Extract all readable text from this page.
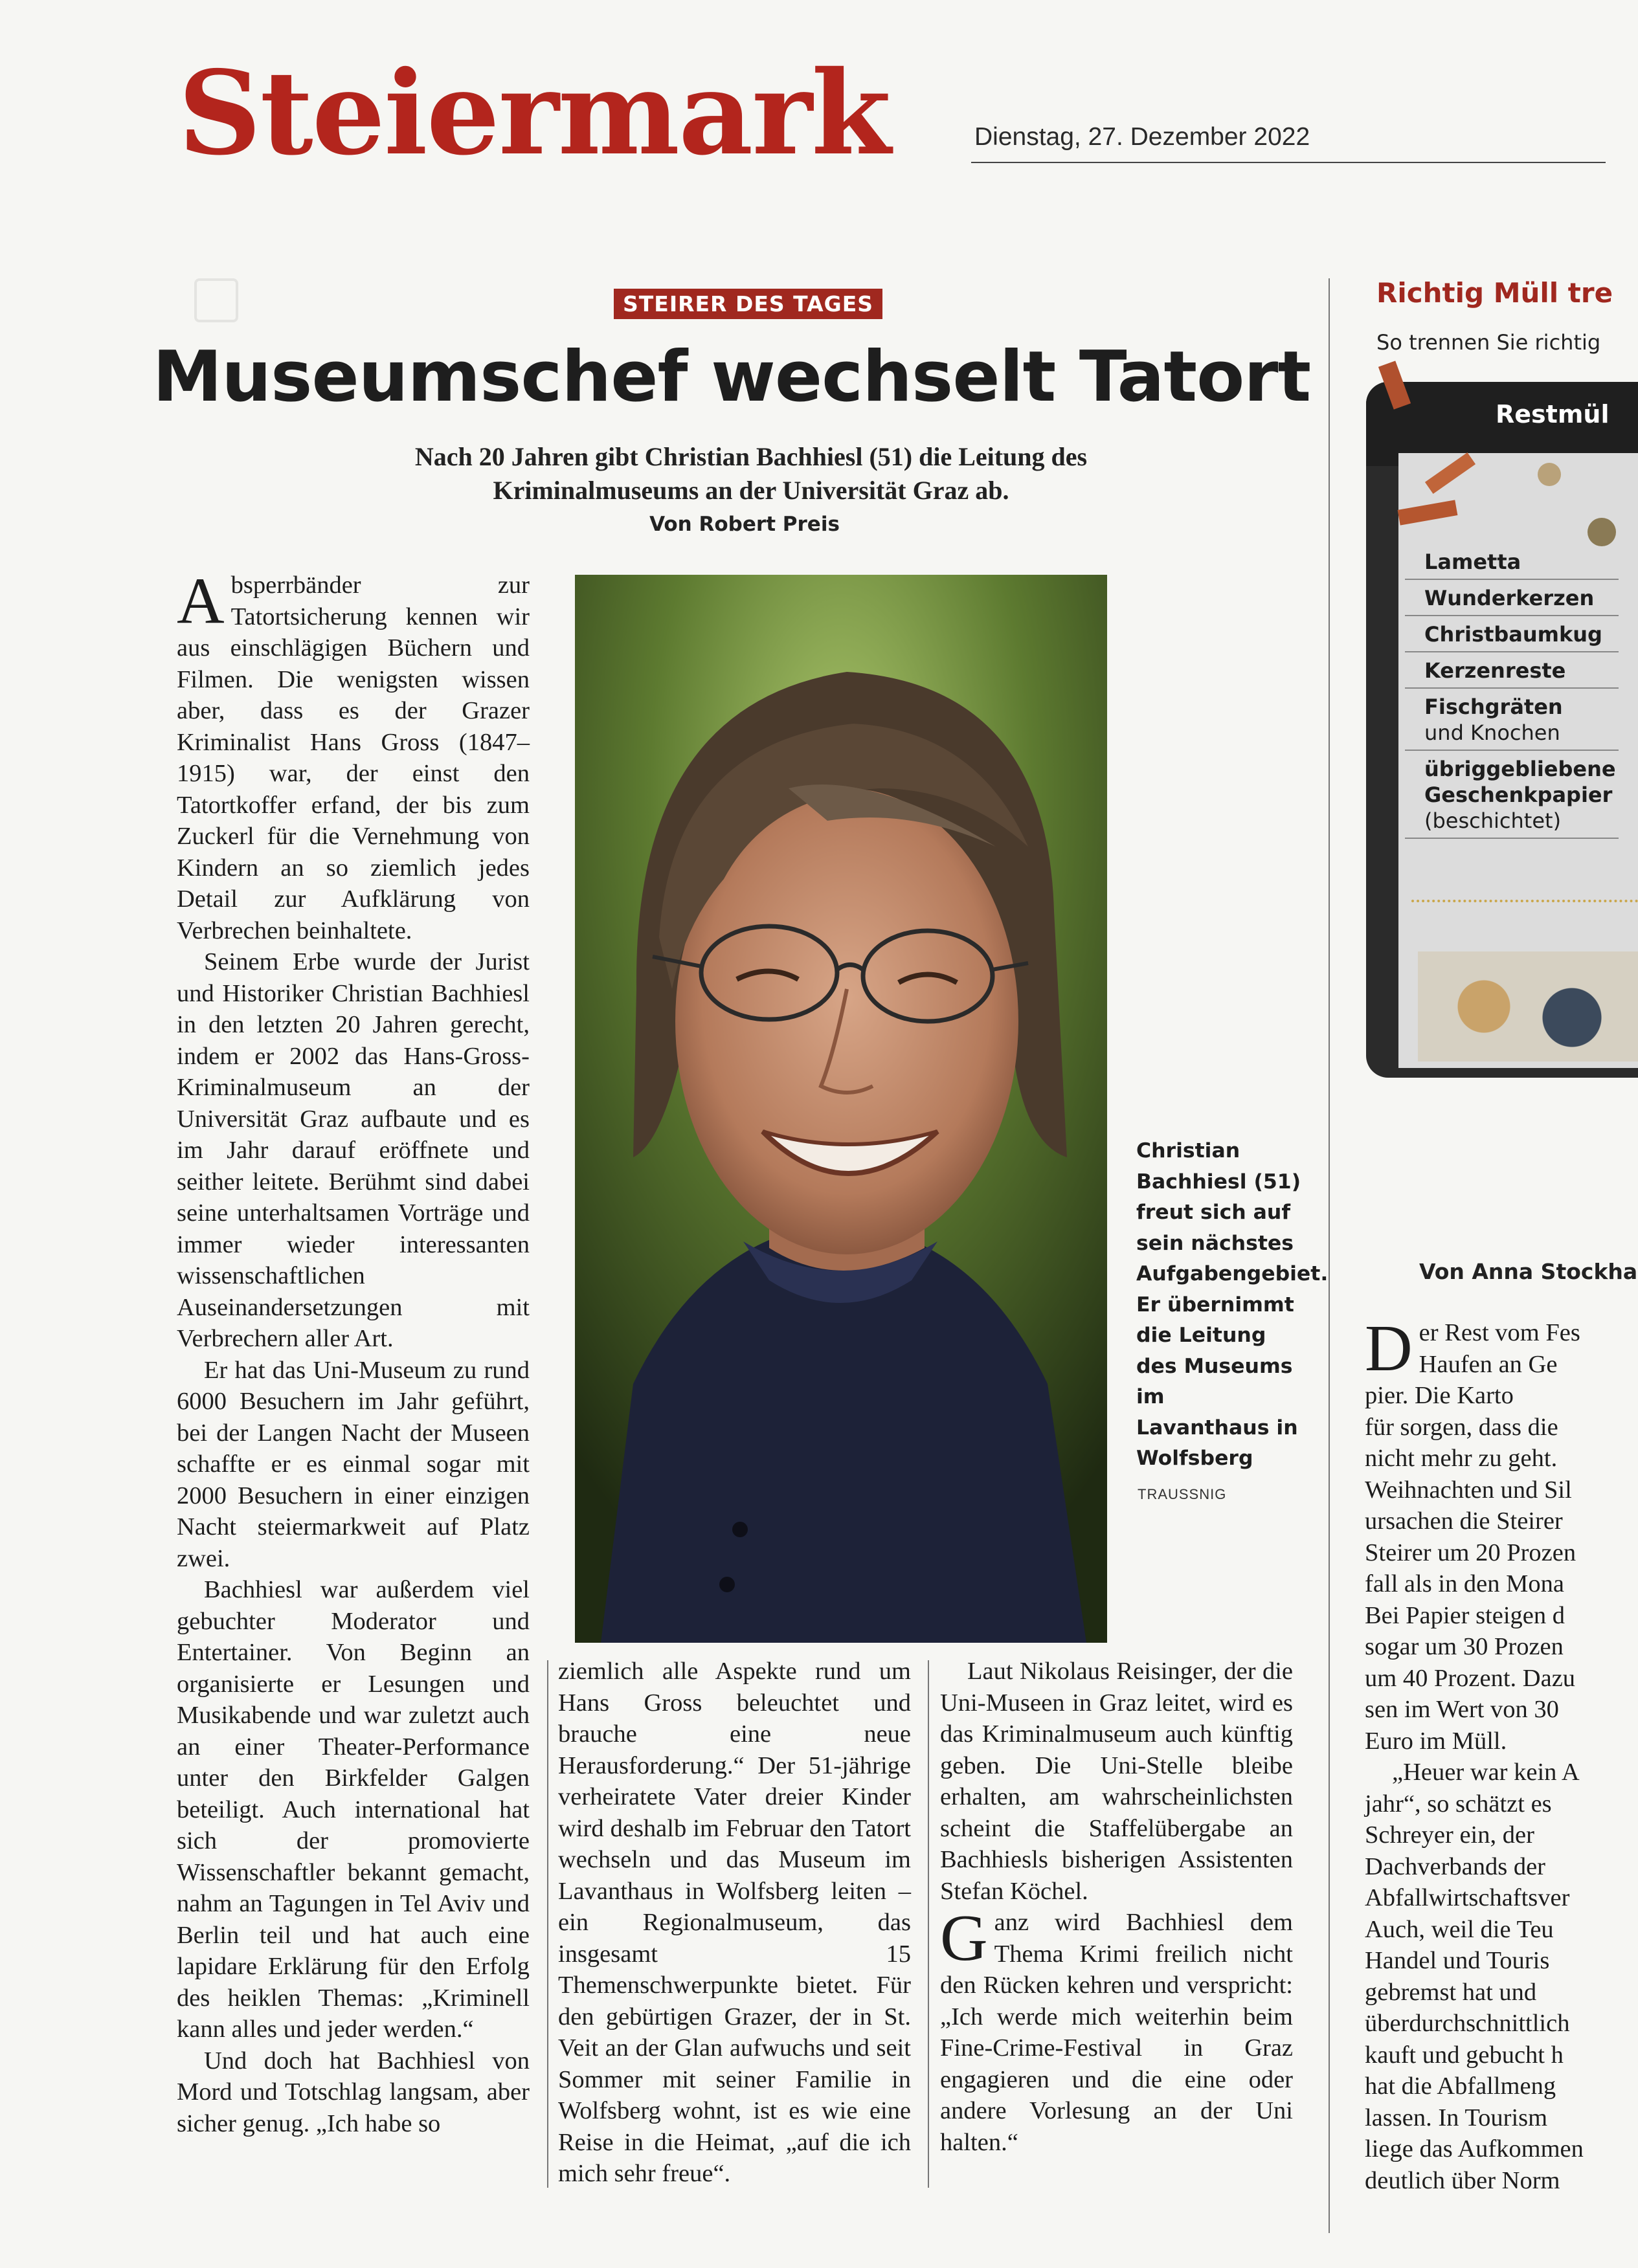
Steiermark	Dienstag, 27. Dezember 2022
STEIRER DES TAGES
Museumschef wechselt Tatort
Nach 20 Jahren gibt Christian Bachhiesl (51) die Leitung des
Kriminalmuseums an der Universität Graz ab.
Von Robert Preis

Absperrbänder zur Tatortsicherung kennen wir aus einschlägigen Büchern und Filmen. Die wenigsten wissen aber, dass es der Grazer Kriminalist Hans Gross (1847–1915) war, der einst den Tatortkoffer erfand, der bis zum Zuckerl für die Vernehmung von Kindern an so ziemlich jedes Detail zur Aufklärung von Verbrechen beinhaltete.

Seinem Erbe wurde der Jurist und Historiker Christian Bachhiesl in den letzten 20 Jahren gerecht, indem er 2002 das Hans-Gross-Kriminalmuseum an der Universität Graz aufbaute und es im Jahr darauf eröffnete und seither leitete. Berühmt sind dabei seine unterhaltsamen Vorträge und immer wieder interessanten wissenschaftlichen Auseinandersetzungen mit Verbrechern aller Art.

Er hat das Uni-Museum zu rund 6000 Besuchern im Jahr geführt, bei der Langen Nacht der Museen schaffte er es einmal sogar mit 2000 Besuchern in einer einzigen Nacht steiermarkweit auf Platz zwei.

Bachhiesl war außerdem viel gebuchter Moderator und Entertainer. Von Beginn an organisierte er Lesungen und Musikabende und war zuletzt auch an einer Theater-Performance unter den Birkfelder Galgen beteiligt. Auch international hat sich der promovierte Wissenschaftler bekannt gemacht, nahm an Tagungen in Tel Aviv und Berlin teil und hat auch eine lapidare Erklärung für den Erfolg des heiklen Themas: „Kriminell kann alles und jeder werden.“

Und doch hat Bachhiesl von Mord und Totschlag langsam, aber sicher genug. „Ich habe so

Christian Bachhiesl (51) freut sich auf sein nächstes Aufgabengebiet. Er übernimmt die Leitung des Museums im Lavanthaus in Wolfsberg
TRAUSSNIG

ziemlich alle Aspekte rund um Hans Gross beleuchtet und brauche eine neue Herausforderung.“ Der 51-jährige verheiratete Vater dreier Kinder wird deshalb im Februar den Tatort wechseln und das Museum im Lavanthaus in Wolfsberg leiten – ein Regionalmuseum, das insgesamt 15 Themenschwerpunkte bietet. Für den gebürtigen Grazer, der in St. Veit an der Glan aufwuchs und seit Sommer mit seiner Familie in Wolfsberg wohnt, ist es wie eine Reise in die Heimat, „auf die ich mich sehr freue“.

Laut Nikolaus Reisinger, der die Uni-Museen in Graz leitet, wird es das Kriminalmuseum auch künftig geben. Die Uni-Stelle bleibe erhalten, am wahrscheinlichsten scheint die Staffelübergabe an Bachhiesls bisherigen Assistenten Stefan Köchel.

Ganz wird Bachhiesl dem Thema Krimi freilich nicht den Rücken kehren und verspricht: „Ich werde mich weiterhin beim Fine-Crime-Festival in Graz engagieren und die eine oder andere Vorlesung an der Uni halten.“

Richtig Müll tre
So trennen Sie richtig
Restmül
Lametta
Wunderkerzen
Christbaumkug
Kerzenreste
Fischgräten
und Knochen
übriggebliebene Geschenkpapier
(beschichtet)
Von Anna Stockha

Der Rest vom Fes

Haufen an Ge

pier. Die Karto

für sorgen, dass die

nicht mehr zu geht.

Weihnachten und Sil

ursachen die Steirer

Steirer um 20 Prozen

fall als in den Mona

Bei Papier steigen d

sogar um 30 Prozen

um 40 Prozent. Dazu

sen im Wert von 30

Euro im Müll.

„Heuer war kein A

jahr“, so schätzt es

Schreyer ein, der

Dachverbands der

Abfallwirtschaftsver

Auch, weil die Teu

Handel und Touris

gebremst hat und

überdurchschnittlich

kauft und gebucht h

hat die Abfallmeng

lassen. In Tourism

liege das Aufkommen

deutlich über Norm
